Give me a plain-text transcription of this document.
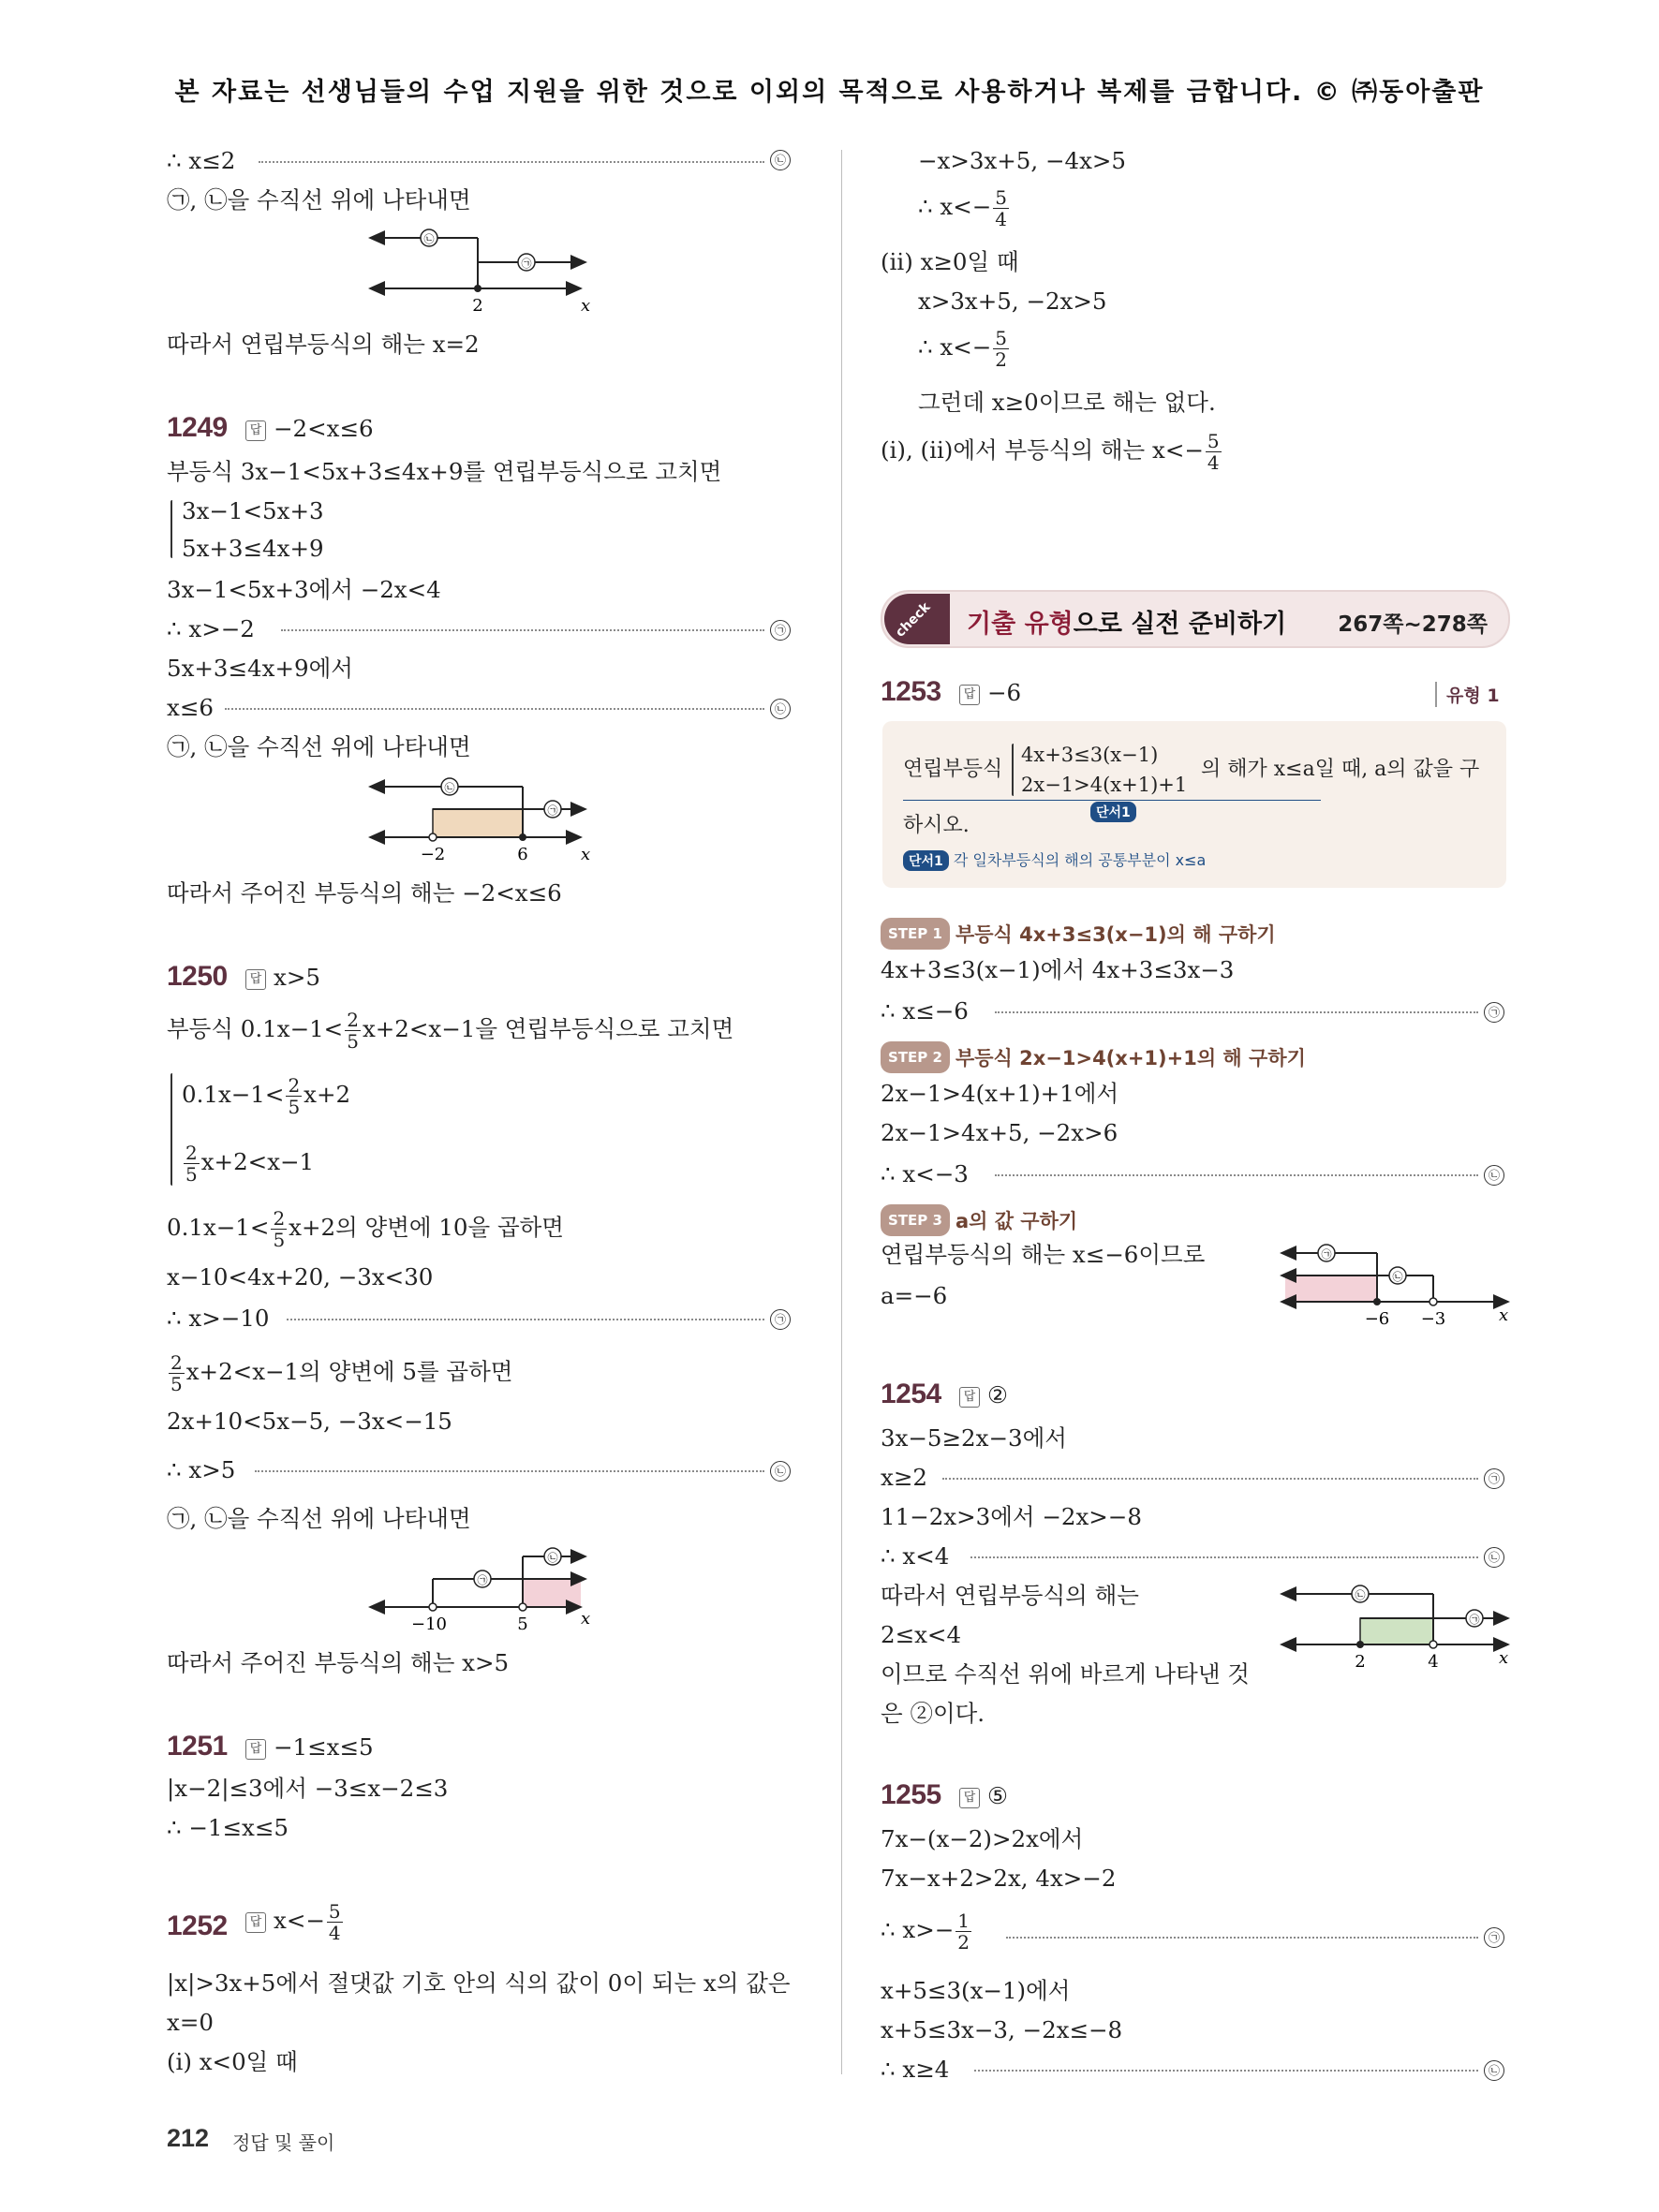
본 자료는 선생님들의 수업 지원을 위한 것으로 이외의 목적으로 사용하거나 복제를 금합니다. © ㈜동아출판
∴ x≤2	㉡
㉠, ㉡을 수직선 위에 나타내면
㉡
㉠
2	x
따라서 연립부등식의 해는 x=2
1249	답 −2<x≤6
부등식 3x−1<5x+3≤4x+9를 연립부등식으로 고치면
3x−1<5x+3
5x+3≤4x+9
3x−1<5x+3에서 −2x<4
∴ x>−2	㉠
5x+3≤4x+9에서
x≤6	㉡
㉠, ㉡을 수직선 위에 나타내면
㉡
㉠
−2	6	x
따라서 주어진 부등식의 해는 −2<x≤6
1250	답 x>5
부등식 $0.1x-1< \frac{2}{5} x+2<x-1$을 연립부등식으로 고치면
$0.1x-1< \frac{2}{5} x+2$
$\frac{2}{5} x+2<x-1$
$0.1x-1< \frac{2}{5} x+2$의 양변에 10을 곱하면
x−10<4x+20, −3x<30
∴ x>−10	㉠
$\frac{2}{5} x+2<x-1$의 양변에 5를 곱하면
2x+10<5x−5, −3x<−15
∴ x>5	㉡
㉠, ㉡을 수직선 위에 나타내면
㉠
㉡
−10	5	x
따라서 주어진 부등식의 해는 x>5
1251	답 −1≤x≤5
|x−2|≤3에서 −3≤x−2≤3
∴ −1≤x≤5
1252	답 $x<- \frac{5}{4}$
|x|>3x+5에서 절댓값 기호 안의 식의 값이 0이 되는 x의 값은
x=0
(ⅰ) x<0일 때
−x>3x+5, −4x>5
∴ $x<- \frac{5}{4}$
(ⅱ) x≥0일 때
x>3x+5, −2x>5
∴ $x<- \frac{5}{2}$
그런데 x≥0이므로 해는 없다.
(ⅰ), (ⅱ)에서 부등식의 해는 $x<- \frac{5}{4}$
check 기출 유형으로 실전 준비하기 267쪽~278쪽
1253	답 −6	유형 1
연립부등식
4x+3≤3(x−1)
2x−1>4(x+1)+1
단서1
의 해가 x≤a일 때, a의 값을 구
하시오.
단서1 각 일차부등식의 해의 공통부분이 x≤a
STEP 1 부등식 4x+3≤3(x−1)의 해 구하기
4x+3≤3(x−1)에서 4x+3≤3x−3
∴ x≤−6	㉠
STEP 2 부등식 2x−1>4(x+1)+1의 해 구하기
2x−1>4(x+1)+1에서
2x−1>4x+5, −2x>6
∴ x<−3	㉡
STEP 3 a의 값 구하기
연립부등식의 해는 x≤−6이므로
a=−6
㉠
㉡
−6 −3	x
1254	답 ②
3x−5≥2x−3에서
x≥2	㉠
11−2x>3에서 −2x>−8
∴ x<4	㉡
따라서 연립부등식의 해는
2≤x<4
이므로 수직선 위에 바르게 나타낸 것
은 ②이다.
㉡
㉠
2	4	x
1255	답 ⑤
7x−(x−2)>2x에서
7x−x+2>2x, 4x>−2
∴ $x>- \frac{1}{2}$	㉠
x+5≤3(x−1)에서
x+5≤3x−3, −2x≤−8
∴ x≥4	㉡
212 정답 및 풀이
